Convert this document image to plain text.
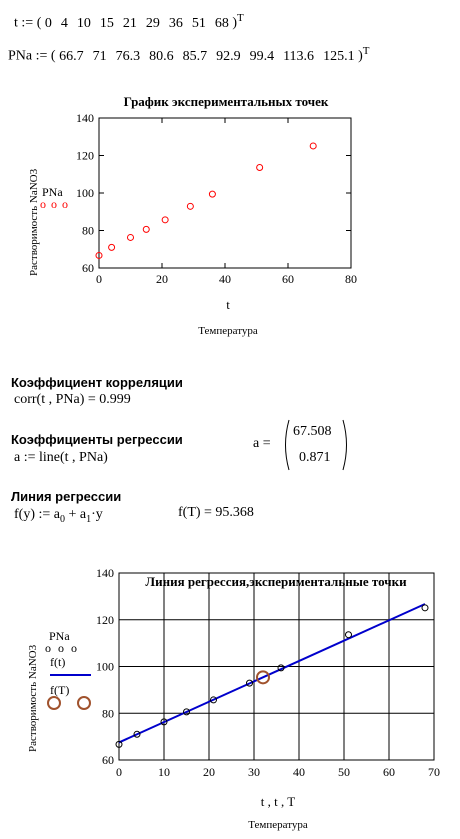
t := ( 0 4 10 15 21 29 36 51 68 )$^T$
PNa := ( 66.7 71 76.3 80.6 85.7 92.9 99.4 113.6 125.1 )$^T$
График экспериментальных точек
60
80
100
120
140
0	20	40	60	80
Растворимость NaNO3 PNa
o o o
t
Температура
Коэффициент корреляции
corr(t , PNa) = 0.999
Коэффициенты регрессии
a := line(t , PNa)
a =
67.508
0.871
Линия регрессии
f(y) := $a_0 + a_1\cdot y$	f(T) = 95.368
Линия регрессия,экспериментальные точки
60
80
100
120
140
0	10	20	30	40	50	60	70
Растворимость NaNO3
PNa
o o o
f(t)
f(T)
t , t , T
Температура
